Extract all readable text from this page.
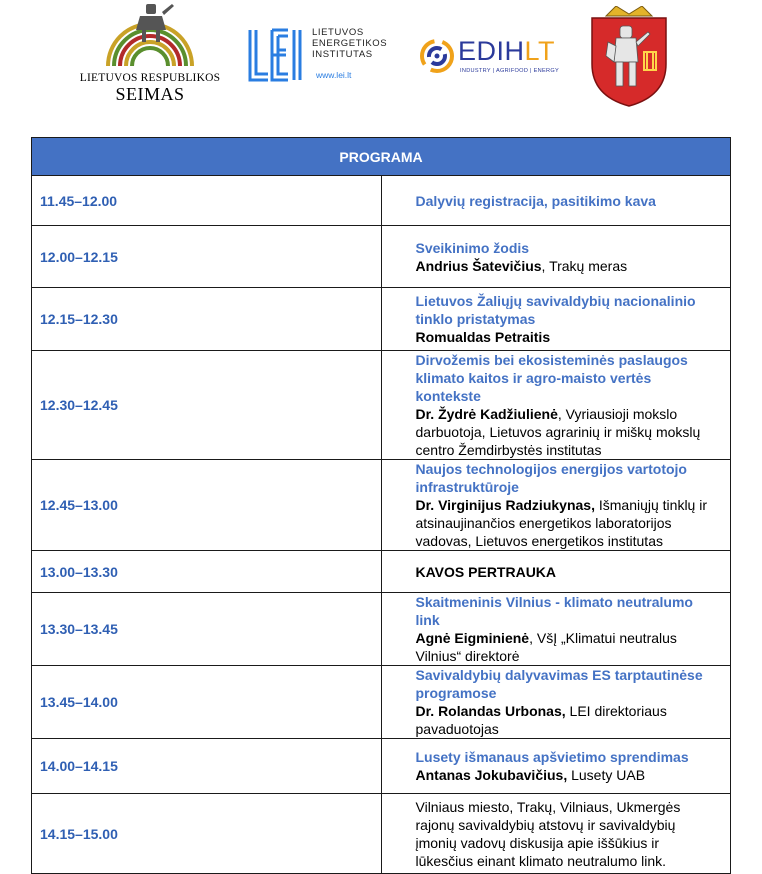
LIETUVOS RESPUBLIKOS
SEIMAS
LIETUVOS
ENERGETIKOS
INSTITUTAS
www.lei.lt
EDIHLT
INDUSTRY | AGRIFOOD | ENERGY
PROGRAMA	
11.45–12.00	Dalyvių registracija, pasitikimo kava
12.00–12.15	Sveikinimo žodis
Andrius Šatevičius, Trakų meras

12.15–12.30	Lietuvos Žaliųjų savivaldybių nacionalinio tinklo pristatymas
Romualdas Petraitis

12.30–12.45	Dirvožemis bei ekosisteminės paslaugos klimato kaitos ir agro-maisto vertės kontekste
Dr. Žydrė Kadžiulienė, Vyriausioji mokslo darbuotoja, Lietuvos agrarinių ir miškų mokslų centro Žemdirbystės institutas

12.45–13.00	Naujos technologijos energijos vartotojo infrastruktūroje
Dr. Virginijus Radziukynas, Išmaniųjų tinklų ir atsinaujinančios energetikos laboratorijos vadovas, Lietuvos energetikos institutas

13.00–13.30	KAVOS PERTRAUKA
13.30–13.45	Skaitmeninis Vilnius - klimato neutralumo link
Agnė Eigminienė, VšĮ „Klimatui neutralus Vilnius“ direktorė

13.45–14.00	Savivaldybių dalyvavimas ES tarptautinėse programose
Dr. Rolandas Urbonas, LEI direktoriaus pavaduotojas

14.00–14.15	Lusety išmanaus apšvietimo sprendimas
Antanas Jokubavičius, Lusety UAB

14.15–15.00	Vilniaus miesto, Trakų, Vilniaus, Ukmergės rajonų savivaldybių atstovų ir savivaldybių įmonių vadovų diskusija apie iššūkius ir lūkesčius einant klimato neutralumo link.
